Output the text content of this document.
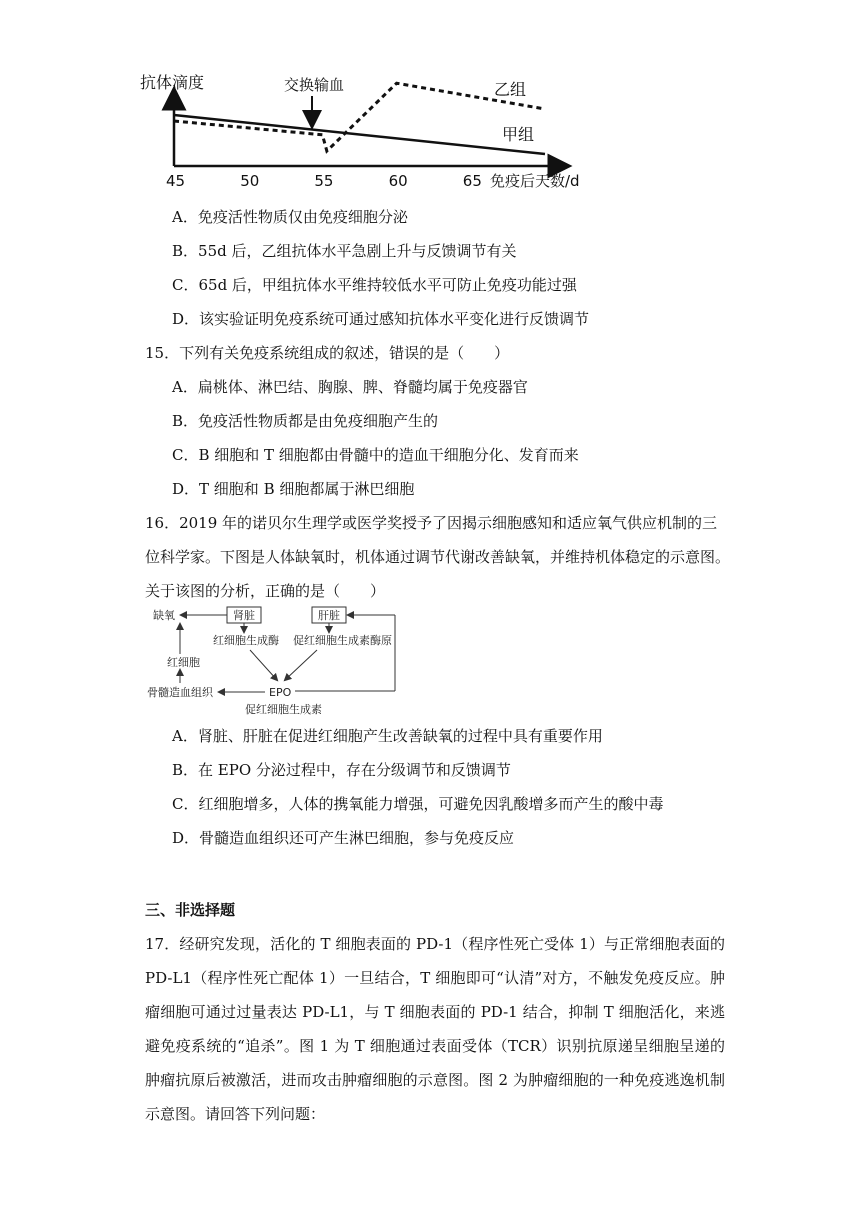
抗体滴度
45	50	55	60	65
交换输血	乙组
甲组
免疫后天数/d
A．免疫活性物质仅由免疫细胞分泌
B．55d 后，乙组抗体水平急剧上升与反馈调节有关
C．65d 后，甲组抗体水平维持较低水平可防止免疫功能过强
D．该实验证明免疫系统可通过感知抗体水平变化进行反馈调节
15．下列有关免疫系统组成的叙述，错误的是（　　）
A．扁桃体、淋巴结、胸腺、脾、脊髓均属于免疫器官
B．免疫活性物质都是由免疫细胞产生的
C．B 细胞和 T 细胞都由骨髓中的造血干细胞分化、发育而来
D．T 细胞和 B 细胞都属于淋巴细胞
16．2019 年的诺贝尔生理学或医学奖授予了因揭示细胞感知和适应氧气供应机制的三
位科学家。下图是人体缺氧时，机体通过调节代谢改善缺氧，并维持机体稳定的示意图。
关于该图的分析，正确的是（　　）
缺氧	肾脏	肝脏
红细胞生成酶 促红细胞生成素酶原
红细胞
骨髓造血组织	EPO
促红细胞生成素
A．肾脏、肝脏在促进红细胞产生改善缺氧的过程中具有重要作用
B．在 EPO 分泌过程中，存在分级调节和反馈调节
C．红细胞增多，人体的携氧能力增强，可避免因乳酸增多而产生的酸中毒
D．骨髓造血组织还可产生淋巴细胞，参与免疫反应
三、非选择题
17．经研究发现，活化的 T 细胞表面的 PD-1（程序性死亡受体 1）与正常细胞表面的 PD-L1（程序性死亡配体 1）一旦结合，T 细胞即可“认清”对方，不触发免疫反应。肿瘤细胞可通过过量表达 PD-L1，与 T 细胞表面的 PD-1 结合，抑制 T 细胞活化，来逃避免疫系统的“追杀”。图 1 为 T 细胞通过表面受体（TCR）识别抗原递呈细胞呈递的肿瘤抗原后被激活，进而攻击肿瘤细胞的示意图。图 2 为肿瘤细胞的一种免疫逃逸机制示意图。请回答下列问题：
